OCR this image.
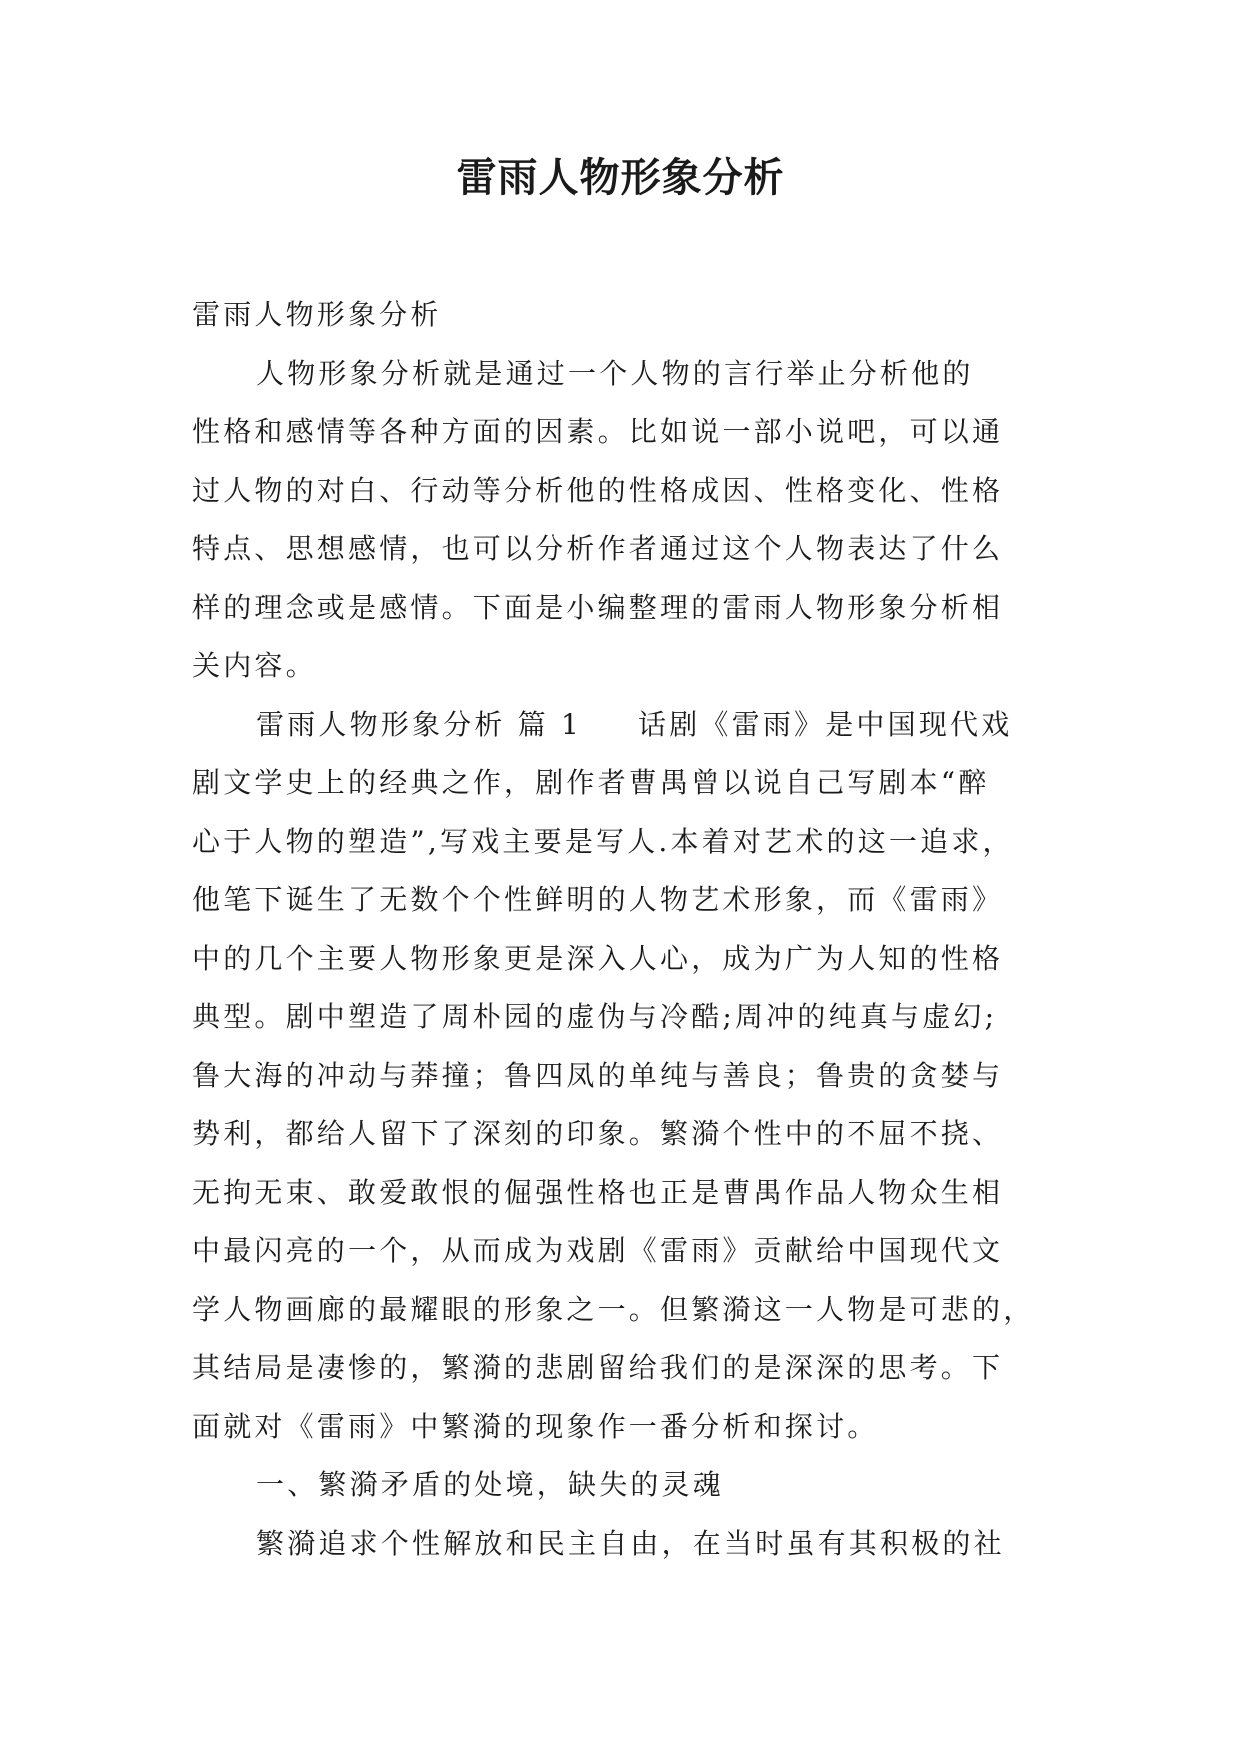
雷雨人物形象分析
雷雨人物形象分析
人物形象分析就是通过一个人物的言行举止分析他的
性格和感情等各种方面的因素。比如说一部小说吧，可以通
过人物的对白、行动等分析他的性格成因、性格变化、性格
特点、思想感情，也可以分析作者通过这个人物表达了什么
样的理念或是感情。下面是小编整理的雷雨人物形象分析相
关内容。
雷雨人物形象分析 篇 1 话剧《雷雨》是中国现代戏
剧文学史上的经典之作，剧作者曹禺曾以说自己写剧本“醉
心于人物的塑造”,写戏主要是写人.本着对艺术的这一追求，
他笔下诞生了无数个个性鲜明的人物艺术形象，而《雷雨》
中的几个主要人物形象更是深入人心，成为广为人知的性格
典型。剧中塑造了周朴园的虚伪与冷酷;周冲的纯真与虚幻;
鲁大海的冲动与莽撞；鲁四凤的单纯与善良；鲁贵的贪婪与
势利，都给人留下了深刻的印象。繁漪个性中的不屈不挠、
无拘无束、敢爱敢恨的倔强性格也正是曹禺作品人物众生相
中最闪亮的一个，从而成为戏剧《雷雨》贡献给中国现代文
学人物画廊的最耀眼的形象之一。但繁漪这一人物是可悲的，
其结局是凄惨的，繁漪的悲剧留给我们的是深深的思考。下
面就对《雷雨》中繁漪的现象作一番分析和探讨。
一、繁漪矛盾的处境，缺失的灵魂
繁漪追求个性解放和民主自由，在当时虽有其积极的社
